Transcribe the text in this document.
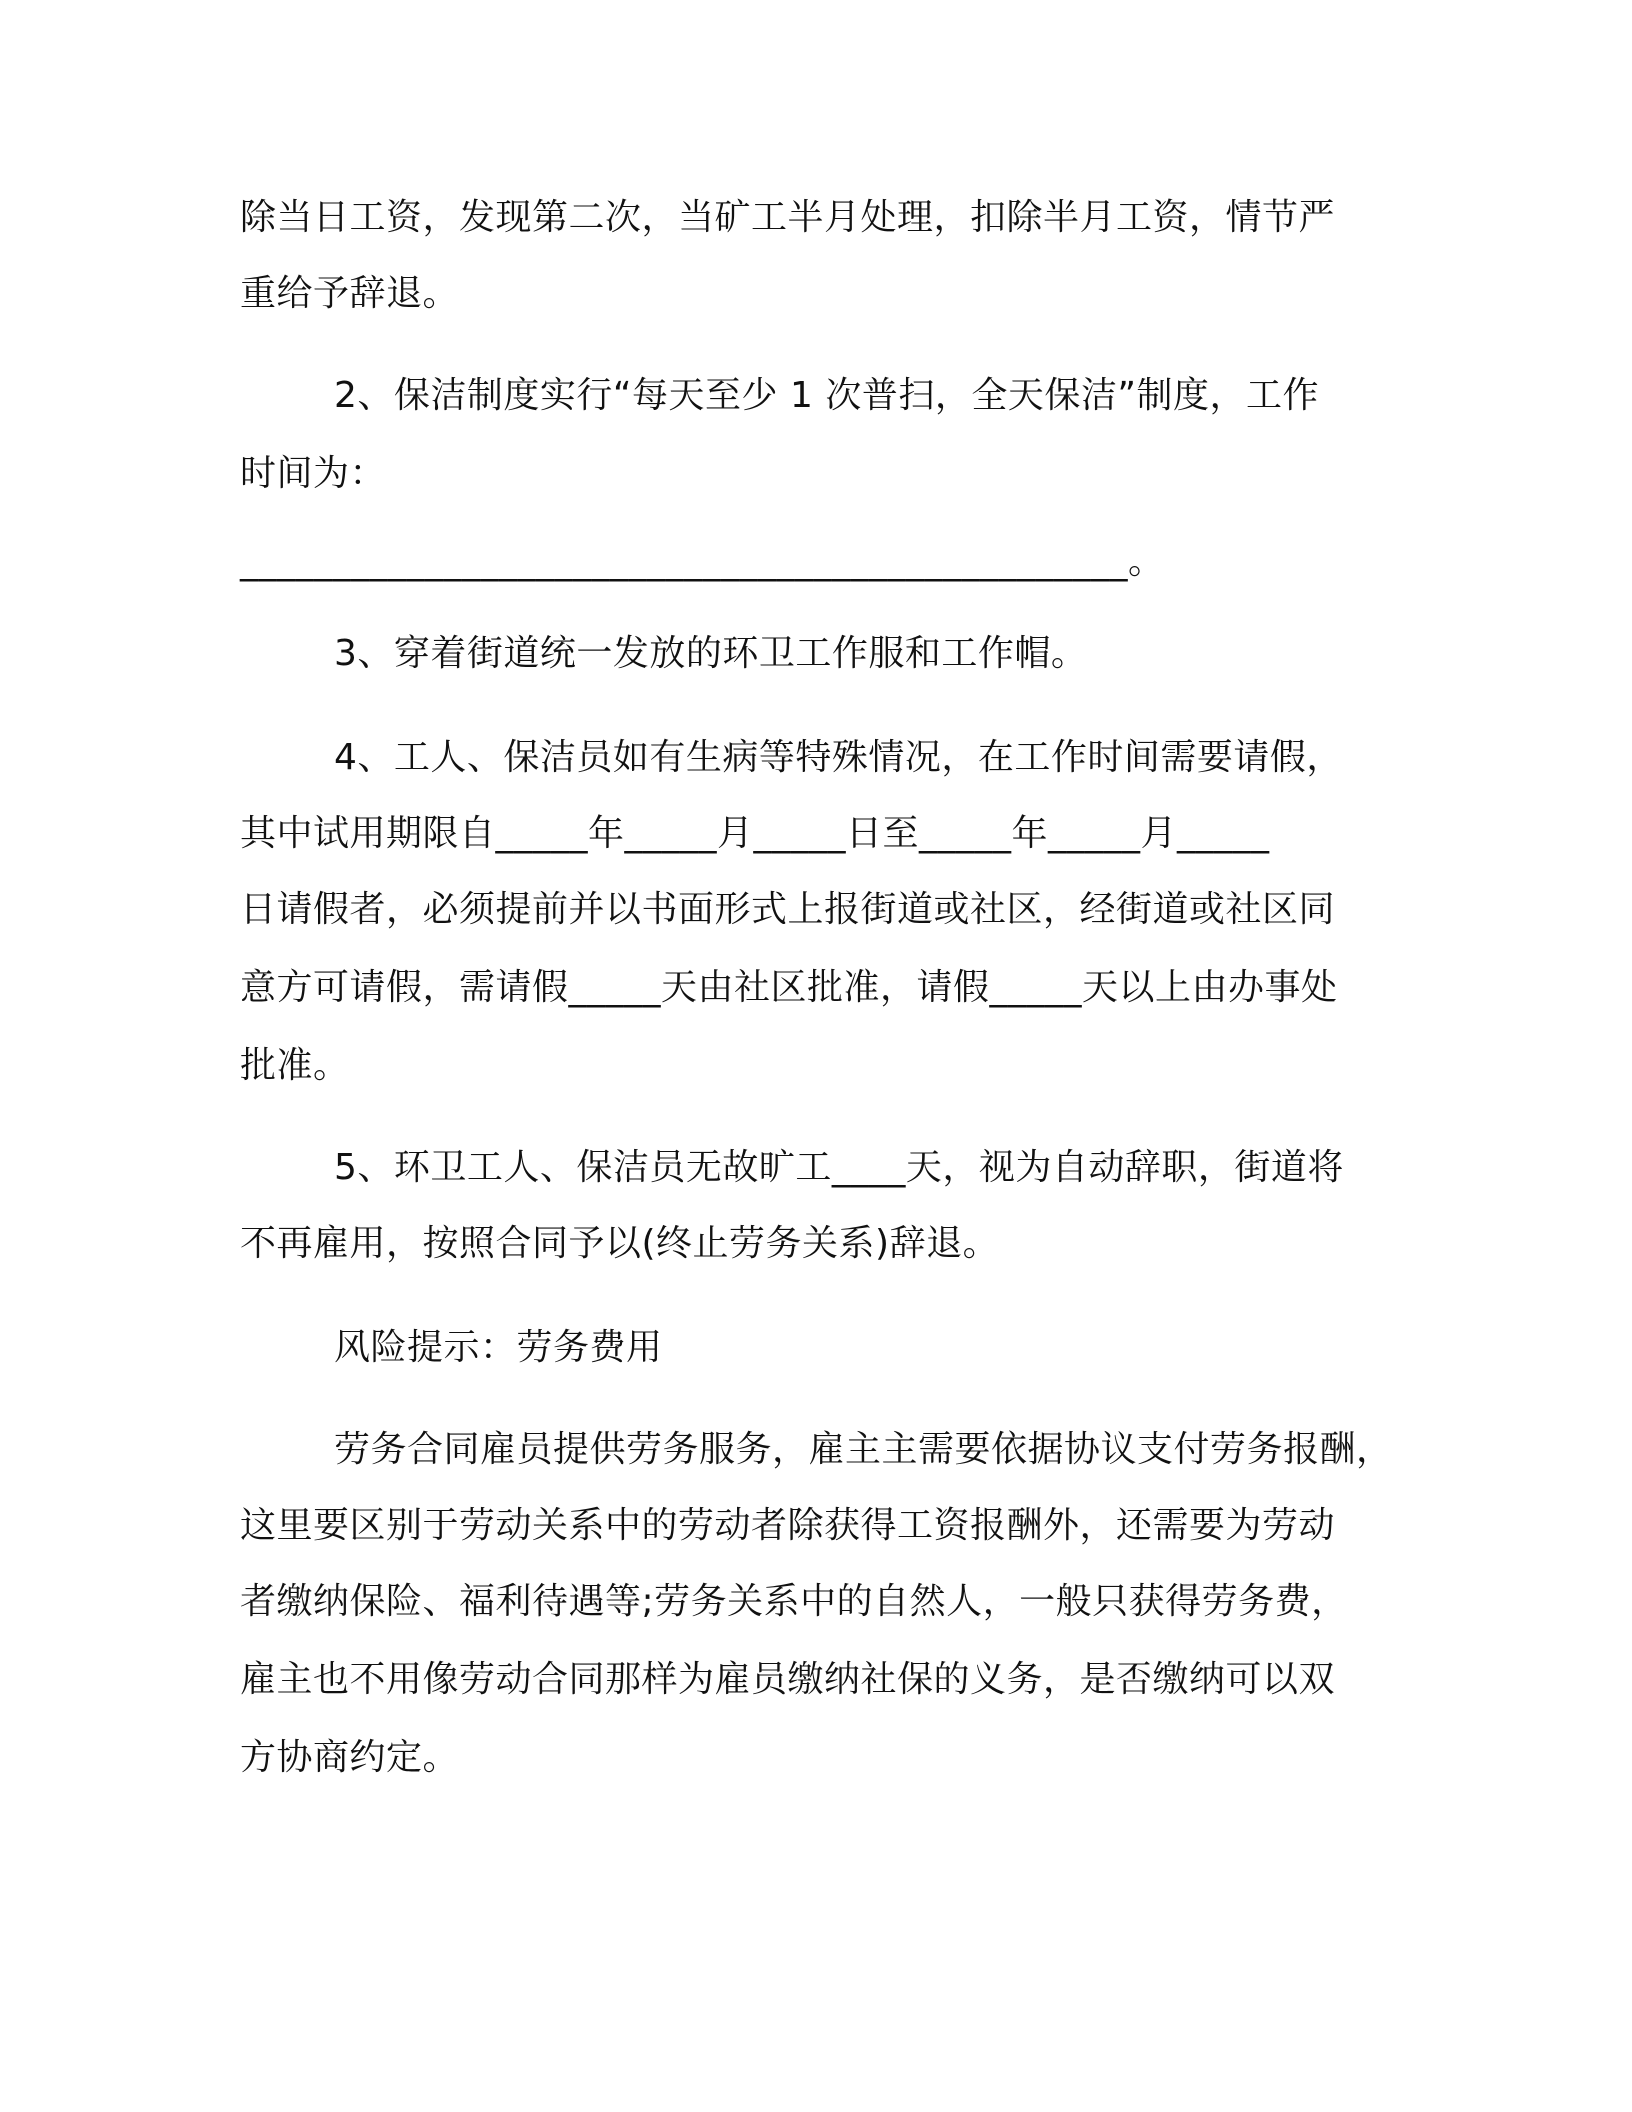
除当日工资，发现第二次，当矿工半月处理，扣除半月工资，情节严
重给予辞退。
2、保洁制度实行“每天至少 1 次普扫，全天保洁”制度，工作
时间为：
________________________________________________。
3、穿着街道统一发放的环卫工作服和工作帽。
4、工人、保洁员如有生病等特殊情况，在工作时间需要请假，
其中试用期限自_____年_____月_____日至_____年_____月_____
日请假者，必须提前并以书面形式上报街道或社区，经街道或社区同
意方可请假，需请假_____天由社区批准，请假_____天以上由办事处
批准。
5、环卫工人、保洁员无故旷工____天，视为自动辞职，街道将
不再雇用，按照合同予以(终止劳务关系)辞退。
风险提示：劳务费用
劳务合同雇员提供劳务服务，雇主主需要依据协议支付劳务报酬，
这里要区别于劳动关系中的劳动者除获得工资报酬外，还需要为劳动
者缴纳保险、福利待遇等;劳务关系中的自然人，一般只获得劳务费，
雇主也不用像劳动合同那样为雇员缴纳社保的义务，是否缴纳可以双
方协商约定。
